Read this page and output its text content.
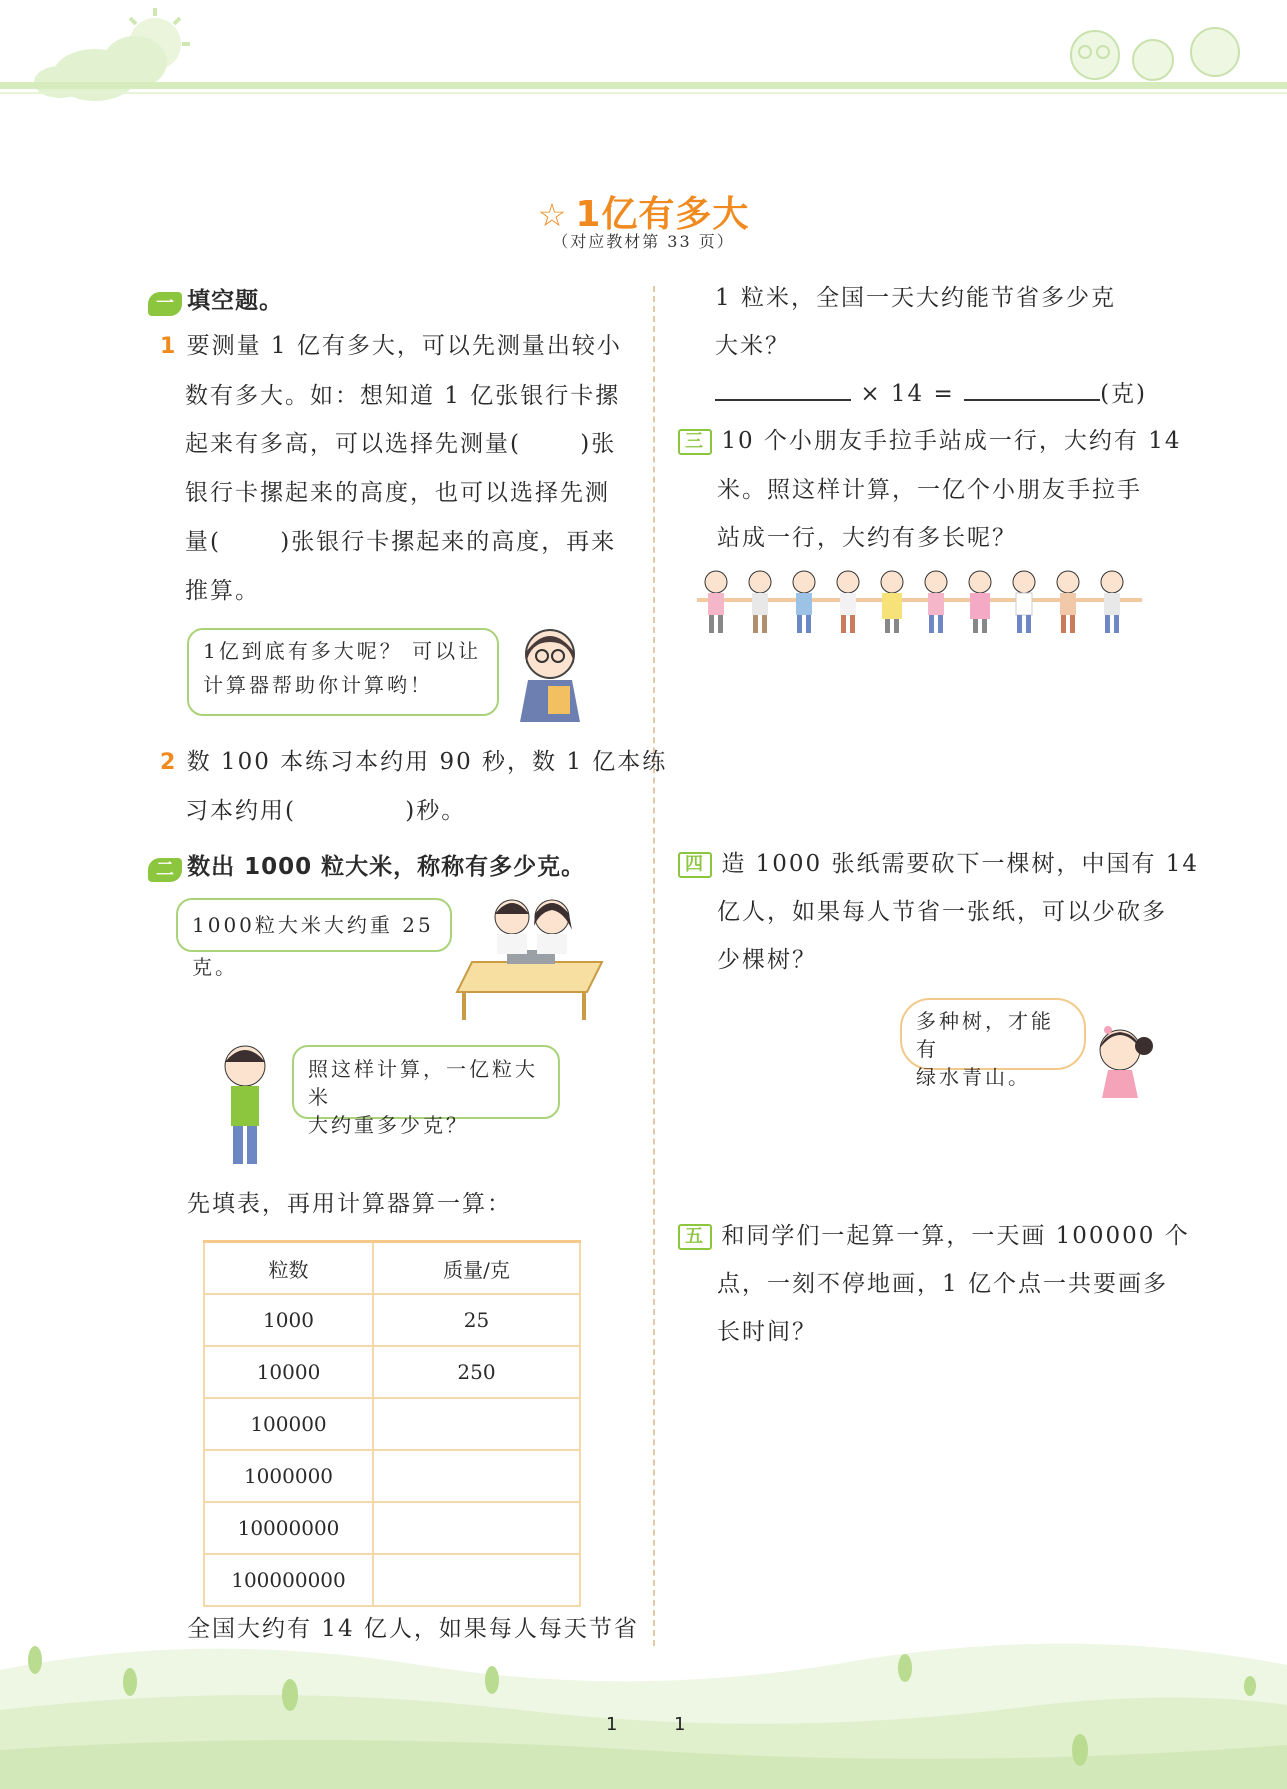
☆ 1亿有多大
（对应教材第 33 页）
一 填空题。
1 要测量 1 亿有多大，可以先测量出较小
数有多大。如：想知道 1 亿张银行卡摞
起来有多高，可以选择先测量(　　 )张
银行卡摞起来的高度，也可以选择先测
量(　　 )张银行卡摞起来的高度，再来
推算。
1亿到底有多大呢？ 可以让
计算器帮助你计算哟！
2 数 100 本练习本约用 90 秒，数 1 亿本练
习本约用(　　　　 )秒。
二 数出 1000 粒大米，称称有多少克。
1000粒大米大约重 25 克。
照这样计算，一亿粒大米
大约重多少克？
先填表，再用计算器算一算：
粒数	质量/克
1000	25
10000	250
100000	
1000000	
10000000	
100000000	
全国大约有 14 亿人，如果每人每天节省
1 粒米，全国一天大约能节省多少克
大米？
× 14 =	(克)
三 10 个小朋友手拉手站成一行，大约有 14
米。照这样计算，一亿个小朋友手拉手
站成一行，大约有多长呢？
四 造 1000 张纸需要砍下一棵树，中国有 14
亿人，如果每人节省一张纸，可以少砍多
少棵树？
多种树，才能有
绿水青山。
五 和同学们一起算一算，一天画 100000 个
点，一刻不停地画，1 亿个点一共要画多
长时间？
1	1
